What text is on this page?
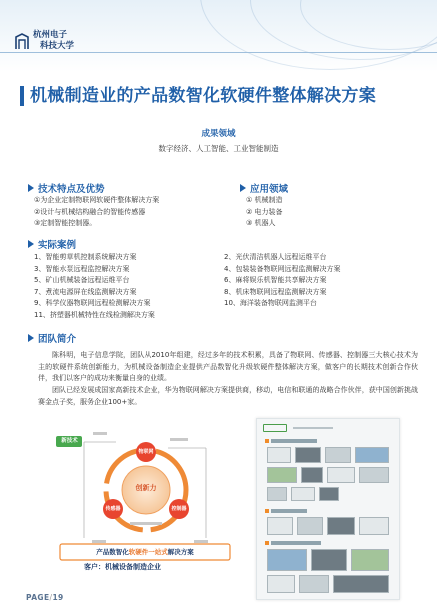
杭州电子
科技大学
机械制造业的产品数智化软硬件整体解决方案
成果领域
数字经济、人工智能、工业智能制造
技术特点及优势
①为企业定制物联网软硬件整体解决方案
②设计与机械结构融合的智能传感器
③定制智能控制器。
应用领域
① 机械制造
② 电力装备
③ 机器人
实际案例
1、智能剪草机控制系统解决方案
3、智能水泵远程监控解决方案
5、矿山机械装备远程运维平台
7、煮流电源屏在线监测解决方案
9、科学仪器物联网远程检测解决方案
11、挤塑器机械特性在线检测解决方案
2、光伏清洁机器人远程运维平台
4、包装装备物联网远程监测解决方案
6、麻将娱乐机智能共享解决方案
8、机床物联网远程监测解决方案
10、海洋装备物联网监测平台
团队简介

陈科明，电子信息学院，团队从2010年组建，经过多年的技术积累，具备了物联网、传感器、控制器三大核心技术为主的软硬件系统创新能力，为机械设备制造企业提供产品数智化升级软硬件整体解决方案，做客户的长期技术创新合作伙伴，我们以客户的成功来衡量自身的业绩。

团队已经发展成国家高新技术企业，华为物联网解决方案提供商，移动，电信和联通的战略合作伙伴，获中国创新挑战赛金点子奖，服务企业100+家。

新技术
创新力
物联网
传感器	控制器
产品数智化软硬件一站式解决方案
客户：机械设备制造企业
PAGE/19
